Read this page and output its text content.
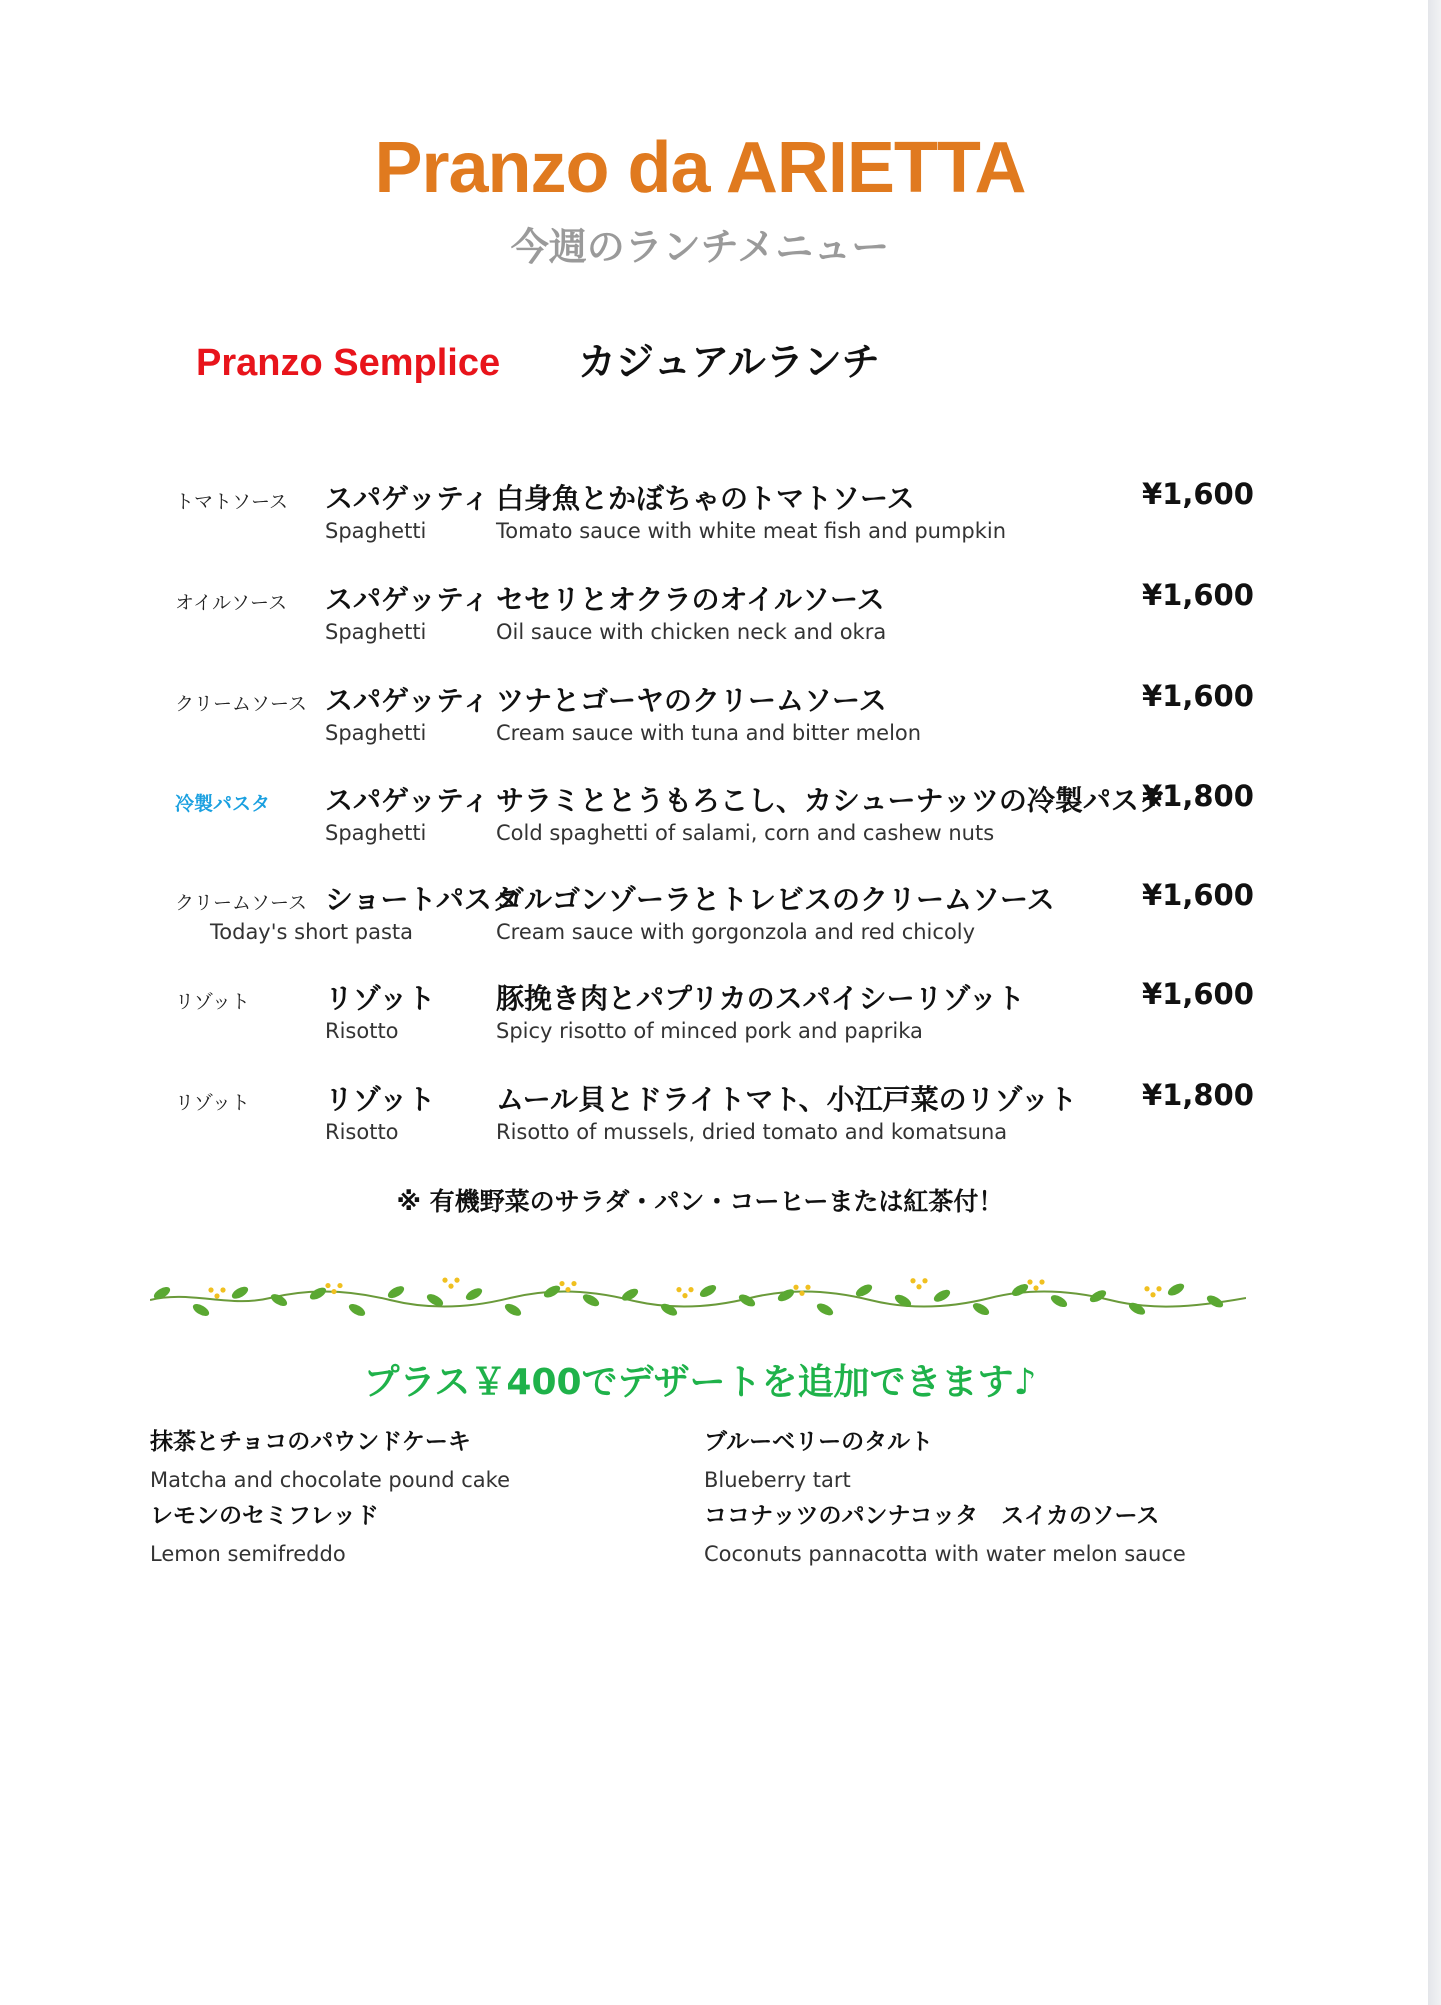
Pranzo da ARIETTA
今週のランチメニュー
Pranzo Semplice カジュアルランチ
トマトソース スパゲッティ
Spaghetti
白身魚とかぼちゃのトマトソース
Tomato sauce with white meat fish and pumpkin
¥1,600
オイルソース スパゲッティ
Spaghetti
セセリとオクラのオイルソース
Oil sauce with chicken neck and okra
¥1,600
クリームソース スパゲッティ
Spaghetti
ツナとゴーヤのクリームソース
Cream sauce with tuna and bitter melon
¥1,600
冷製パスタ スパゲッティ
Spaghetti
サラミととうもろこし、カシューナッツの冷製パスタ
Cold spaghetti of salami, corn and cashew nuts
¥1,800
クリームソース ショートパスタ
Today's short pasta
ゴルゴンゾーラとトレビスのクリームソース
Cream sauce with gorgonzola and red chicoly
¥1,600
リゾット	リゾット
Risotto
豚挽き肉とパプリカのスパイシーリゾット
Spicy risotto of minced pork and paprika
¥1,600
リゾット	リゾット
Risotto
ムール貝とドライトマト、小江戸菜のリゾット
Risotto of mussels, dried tomato and komatsuna
¥1,800
※ 有機野菜のサラダ・パン・コーヒーまたは紅茶付！
プラス￥400でデザートを追加できます♪
抹茶とチョコのパウンドケーキ
Matcha and chocolate pound cake
ブルーベリーのタルト
Blueberry tart
レモンのセミフレッド
Lemon semifreddo
ココナッツのパンナコッタ　スイカのソース
Coconuts pannacotta with water melon sauce
